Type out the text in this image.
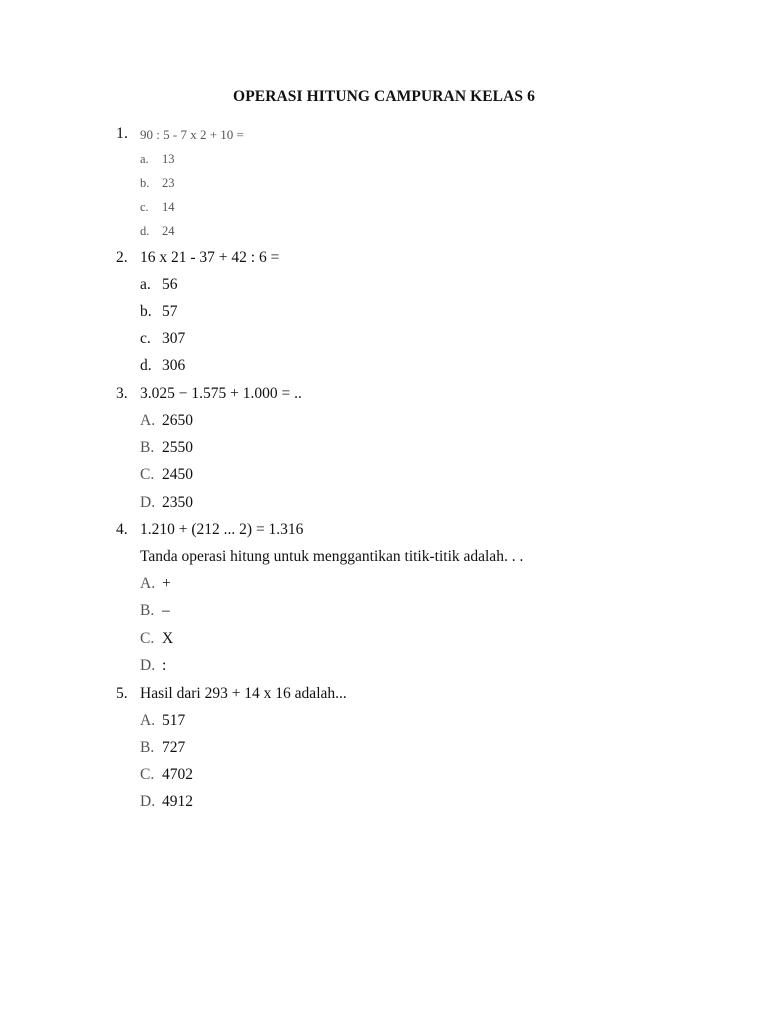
OPERASI HITUNG CAMPURAN KELAS 6
1. 90 : 5 - 7 x 2 + 10 =
a. 13
b. 23
c. 14
d. 24
2. 16 x 21 - 37 + 42 : 6 =
a. 56
b. 57
c. 307
d. 306
3. 3.025 − 1.575 + 1.000 = ..
A. 2650
B. 2550
C. 2450
D. 2350
4. 1.210 + (212 ... 2) = 1.316
Tanda operasi hitung untuk menggantikan titik-titik adalah. . .
A. +
B. –
C. X
D. :
5. Hasil dari 293 + 14 x 16 adalah...
A. 517
B. 727
C. 4702
D. 4912
